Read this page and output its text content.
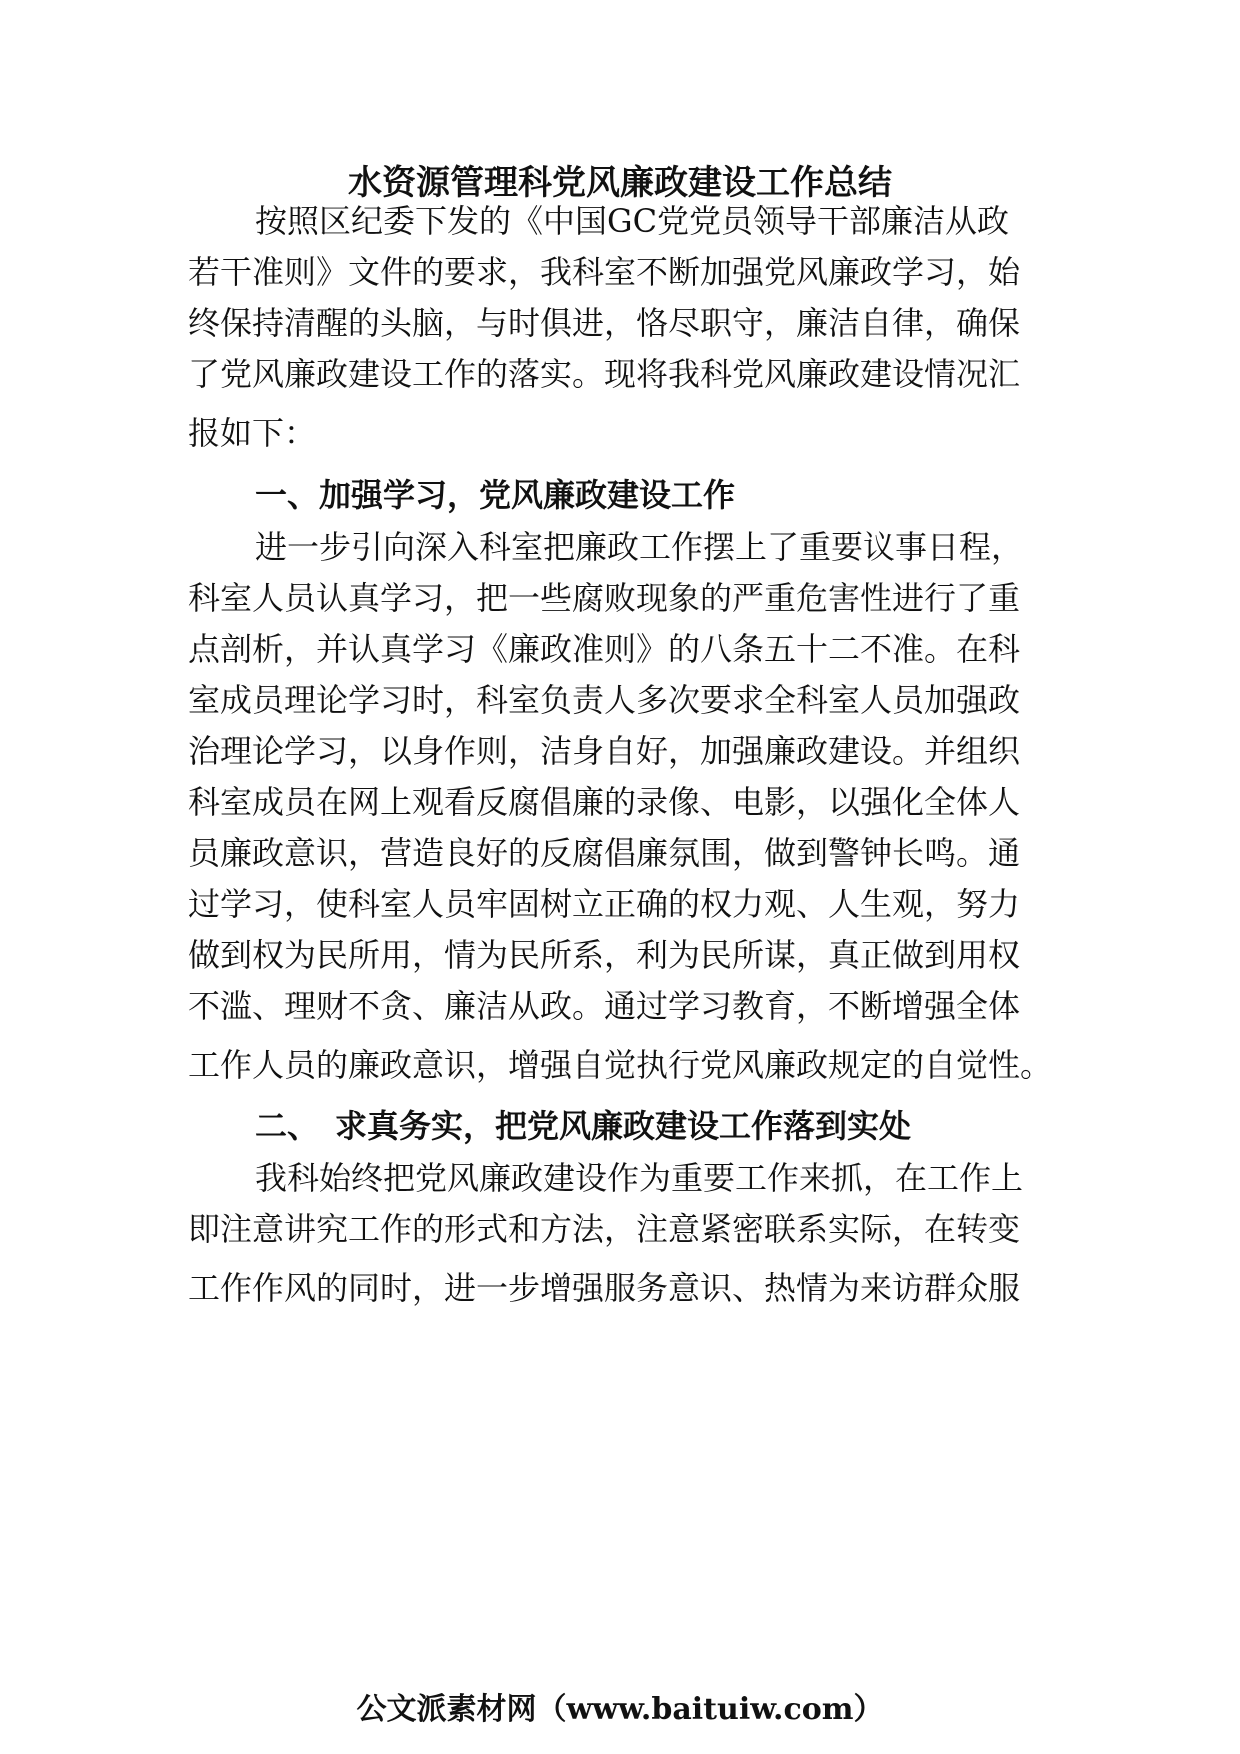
水资源管理科党风廉政建设工作总结
按照区纪委下发的《中国GC党党员领导干部廉洁从政
若干准则》文件的要求，我科室不断加强党风廉政学习，始
终保持清醒的头脑，与时俱进，恪尽职守，廉洁自律，确保
了党风廉政建设工作的落实。现将我科党风廉政建设情况汇
报如下：
一、加强学习，党风廉政建设工作
进一步引向深入科室把廉政工作摆上了重要议事日程，
科室人员认真学习，把一些腐败现象的严重危害性进行了重
点剖析，并认真学习《廉政准则》的八条五十二不准。在科
室成员理论学习时，科室负责人多次要求全科室人员加强政
治理论学习，以身作则，洁身自好，加强廉政建设。并组织
科室成员在网上观看反腐倡廉的录像、电影，以强化全体人
员廉政意识，营造良好的反腐倡廉氛围，做到警钟长鸣。通
过学习，使科室人员牢固树立正确的权力观、人生观，努力
做到权为民所用，情为民所系，利为民所谋，真正做到用权
不滥、理财不贪、廉洁从政。通过学习教育，不断增强全体
工作人员的廉政意识，增强自觉执行党风廉政规定的自觉性。
二、　求真务实，把党风廉政建设工作落到实处
我科始终把党风廉政建设作为重要工作来抓，在工作上
即注意讲究工作的形式和方法，注意紧密联系实际，在转变
工作作风的同时，进一步增强服务意识、热情为来访群众服
公文派素材网（www.baituiw.com）
